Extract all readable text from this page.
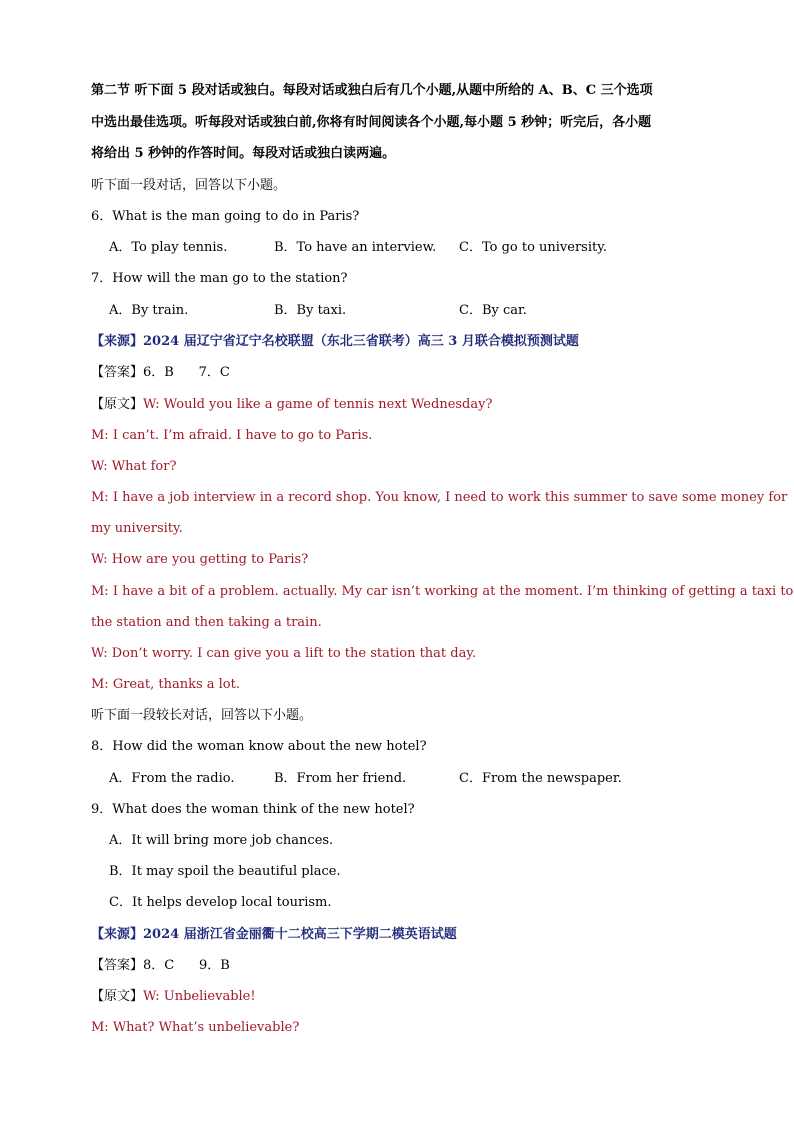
第二节 听下面 5 段对话或独白。每段对话或独白后有几个小题,从题中所给的 A、B、C 三个选项
中选出最佳选项。听每段对话或独白前,你将有时间阅读各个小题,每小题 5 秒钟；听完后，各小题
将给出 5 秒钟的作答时间。每段对话或独白读两遍。
听下面一段对话，回答以下小题。
6．What is the man going to do in Paris?
A．To play tennis.	B．To have an interview. C．To go to university.
7．How will the man go to the station?
A．By train.	B．By taxi.	C．By car.
【来源】2024 届辽宁省辽宁名校联盟（东北三省联考）高三 3 月联合模拟预测试题
【答案】6．B      7．C
【原文】W: Would you like a game of tennis next Wednesday?
M: I can’t. I’m afraid. I have to go to Paris.
W: What for?
M: I have a job interview in a record shop. You know, I need to work this summer to save some money for
my university.
W: How are you getting to Paris?
M: I have a bit of a problem. actually. My car isn’t working at the moment. I’m thinking of getting a taxi to
the station and then taking a train.
W: Don’t worry. I can give you a lift to the station that day.
M: Great, thanks a lot.
听下面一段较长对话，回答以下小题。
8．How did the woman know about the new hotel?
A．From the radio.	B．From her friend.	C．From the newspaper.
9．What does the woman think of the new hotel?
A．It will bring more job chances.
B．It may spoil the beautiful place.
C．It helps develop local tourism.
【来源】2024 届浙江省金丽衢十二校高三下学期二模英语试题
【答案】8．C      9．B
【原文】W: Unbelievable!
M: What? What’s unbelievable?
